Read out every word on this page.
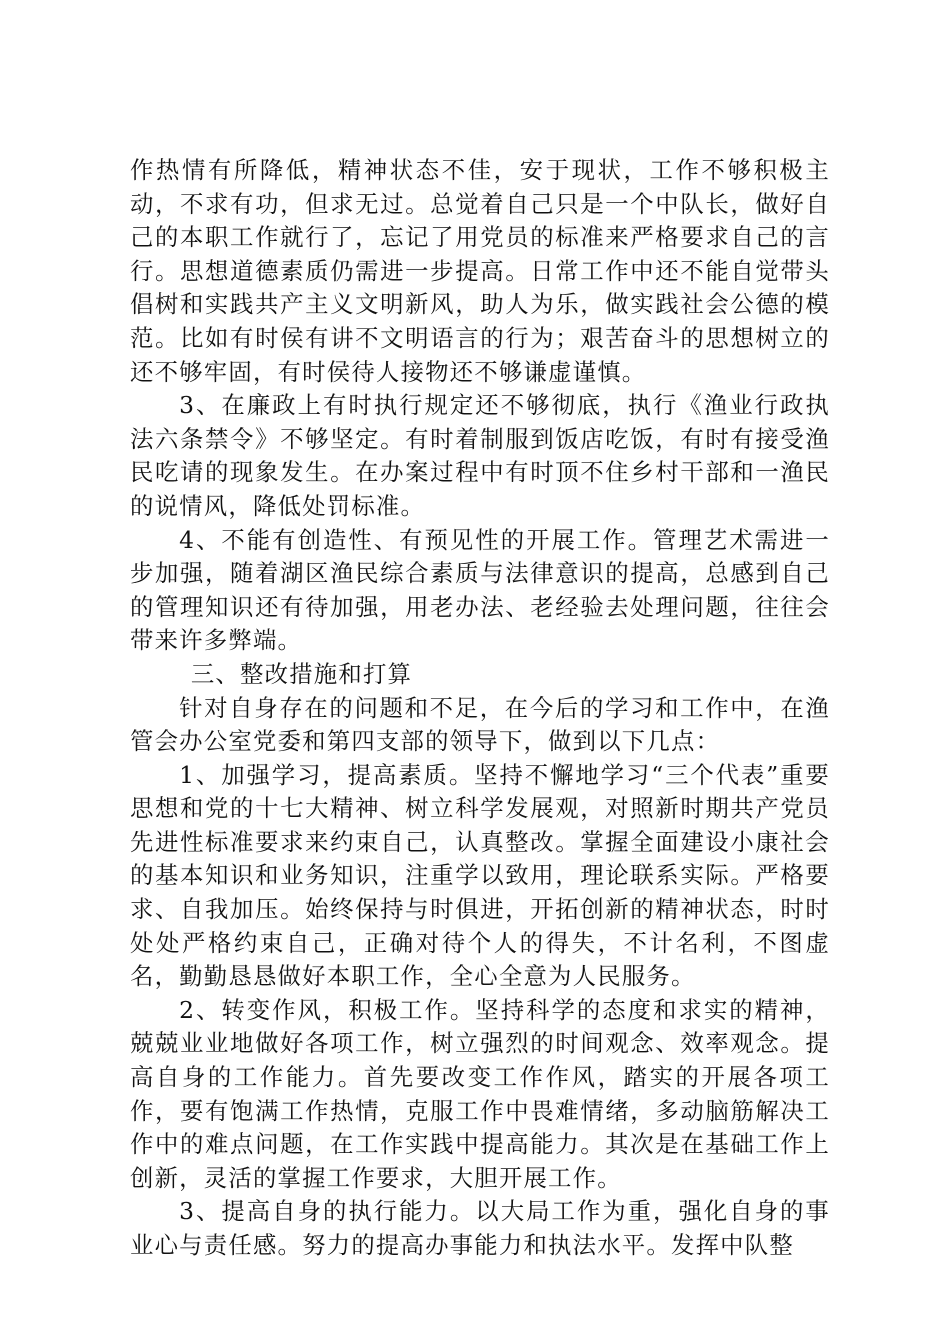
作热情有所降低，精神状态不佳，安于现状，工作不够积极主动，不求有功，但求无过。总觉着自己只是一个中队长，做好自己的本职工作就行了，忘记了用党员的标准来严格要求自己的言行。思想道德素质仍需进一步提高。日常工作中还不能自觉带头倡树和实践共产主义文明新风，助人为乐，做实践社会公德的模范。比如有时侯有讲不文明语言的行为；艰苦奋斗的思想树立的还不够牢固，有时侯待人接物还不够谦虚谨慎。

3、在廉政上有时执行规定还不够彻底，执行《渔业行政执法六条禁令》不够坚定。有时着制服到饭店吃饭，有时有接受渔民吃请的现象发生。在办案过程中有时顶不住乡村干部和一渔民的说情风，降低处罚标准。

4、不能有创造性、有预见性的开展工作。管理艺术需进一步加强，随着湖区渔民综合素质与法律意识的提高，总感到自己的管理知识还有待加强，用老办法、老经验去处理问题，往往会带来许多弊端。

三、整改措施和打算

针对自身存在的问题和不足，在今后的学习和工作中，在渔管会办公室党委和第四支部的领导下，做到以下几点：

1、加强学习，提高素质。坚持不懈地学习“三个代表”重要思想和党的十七大精神、树立科学发展观，对照新时期共产党员先进性标准要求来约束自己，认真整改。掌握全面建设小康社会的基本知识和业务知识，注重学以致用，理论联系实际。严格要求、自我加压。始终保持与时俱进，开拓创新的精神状态，时时处处严格约束自己，正确对待个人的得失，不计名利，不图虚名，勤勤恳恳做好本职工作，全心全意为人民服务。

2、转变作风，积极工作。坚持科学的态度和求实的精神，兢兢业业地做好各项工作，树立强烈的时间观念、效率观念。提高自身的工作能力。首先要改变工作作风，踏实的开展各项工作，要有饱满工作热情，克服工作中畏难情绪，多动脑筋解决工作中的难点问题，在工作实践中提高能力。其次是在基础工作上创新，灵活的掌握工作要求，大胆开展工作。

3、提高自身的执行能力。以大局工作为重，强化自身的事业心与责任感。努力的提高办事能力和执法水平。发挥中队整
